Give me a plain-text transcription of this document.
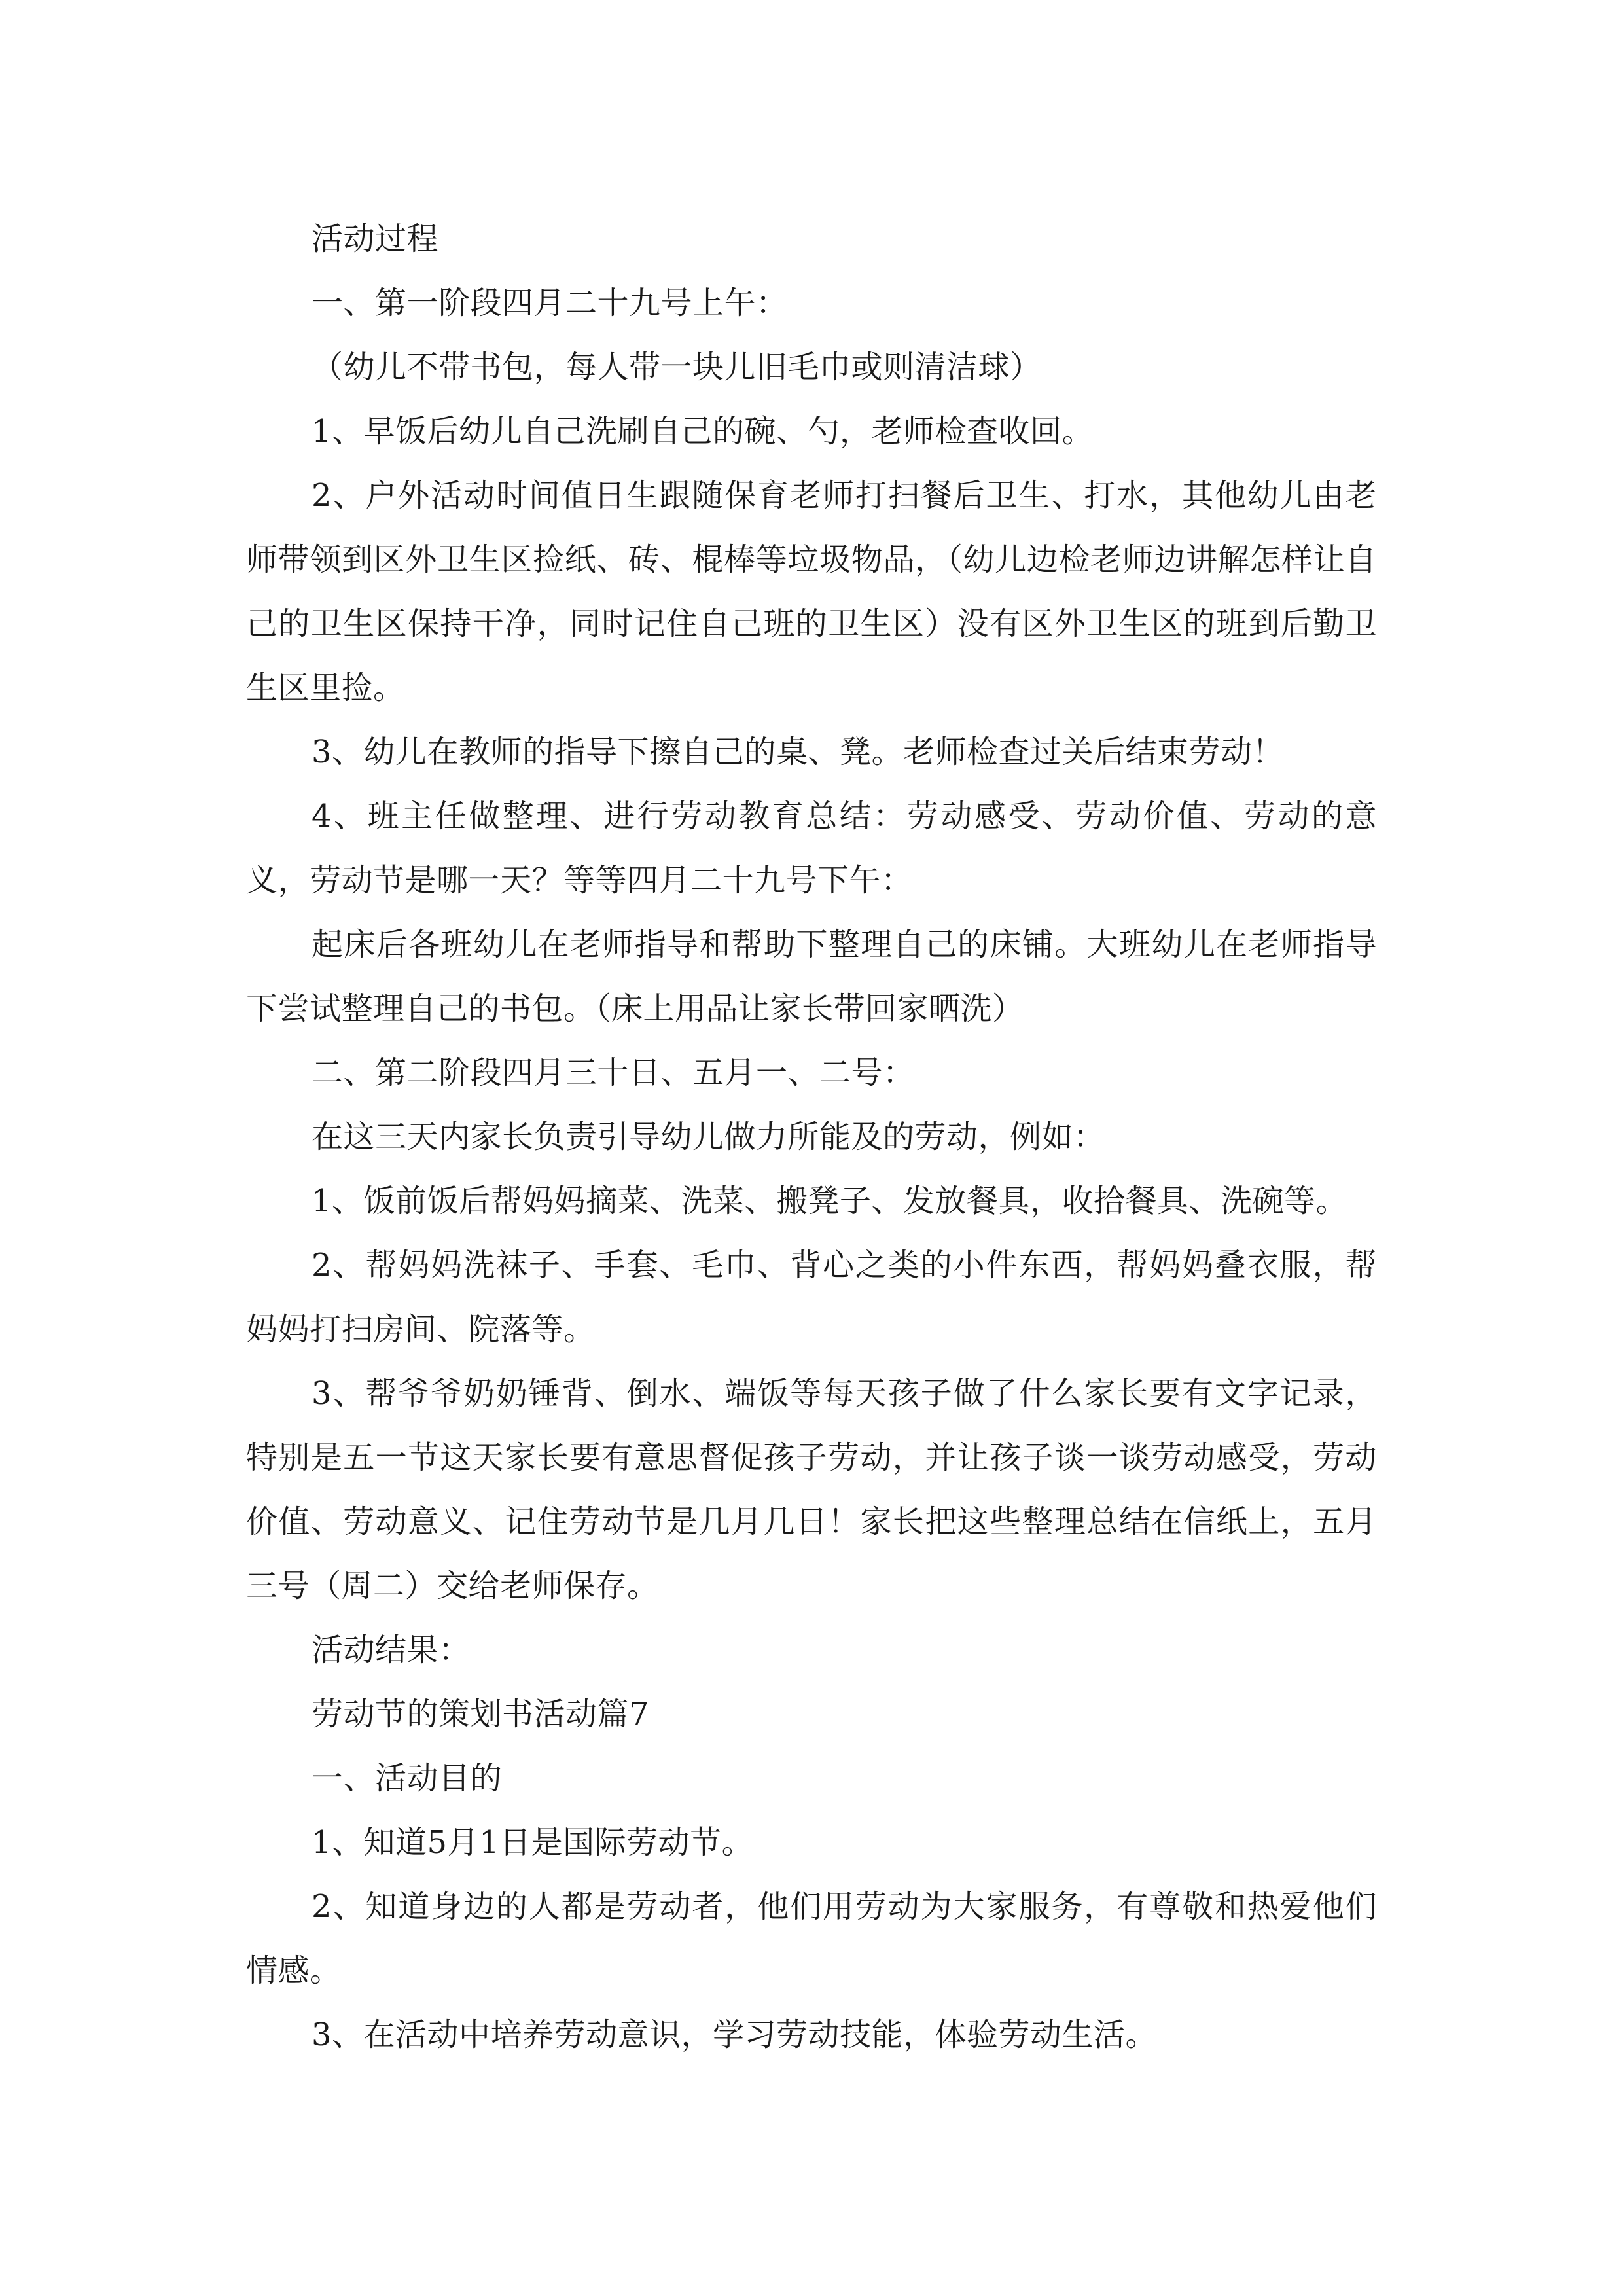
活动过程

一、第一阶段四月二十九号上午：

（幼儿不带书包，每人带一块儿旧毛巾或则清洁球）

1、早饭后幼儿自己洗刷自己的碗、勺，老师检查收回。

2、户外活动时间值日生跟随保育老师打扫餐后卫生、打水，其他幼儿由老师带领到区外卫生区捡纸、砖、棍棒等垃圾物品，（幼儿边检老师边讲解怎样让自己的卫生区保持干净，同时记住自己班的卫生区）没有区外卫生区的班到后勤卫生区里捡。

3、幼儿在教师的指导下擦自己的桌、凳。老师检查过关后结束劳动！

4、班主任做整理、进行劳动教育总结：劳动感受、劳动价值、劳动的意义，劳动节是哪一天？等等四月二十九号下午：

起床后各班幼儿在老师指导和帮助下整理自己的床铺。大班幼儿在老师指导下尝试整理自己的书包。（床上用品让家长带回家晒洗）

二、第二阶段四月三十日、五月一、二号：

在这三天内家长负责引导幼儿做力所能及的劳动，例如：

1、饭前饭后帮妈妈摘菜、洗菜、搬凳子、发放餐具，收拾餐具、洗碗等。

2、帮妈妈洗袜子、手套、毛巾、背心之类的小件东西，帮妈妈叠衣服，帮妈妈打扫房间、院落等。

3、帮爷爷奶奶锤背、倒水、端饭等每天孩子做了什么家长要有文字记录，特别是五一节这天家长要有意思督促孩子劳动，并让孩子谈一谈劳动感受，劳动价值、劳动意义、记住劳动节是几月几日！家长把这些整理总结在信纸上，五月三号（周二）交给老师保存。

活动结果：

劳动节的策划书活动篇7

一、活动目的

1、知道5月1日是国际劳动节。

2、知道身边的人都是劳动者，他们用劳动为大家服务，有尊敬和热爱他们情感。

3、在活动中培养劳动意识，学习劳动技能，体验劳动生活。
